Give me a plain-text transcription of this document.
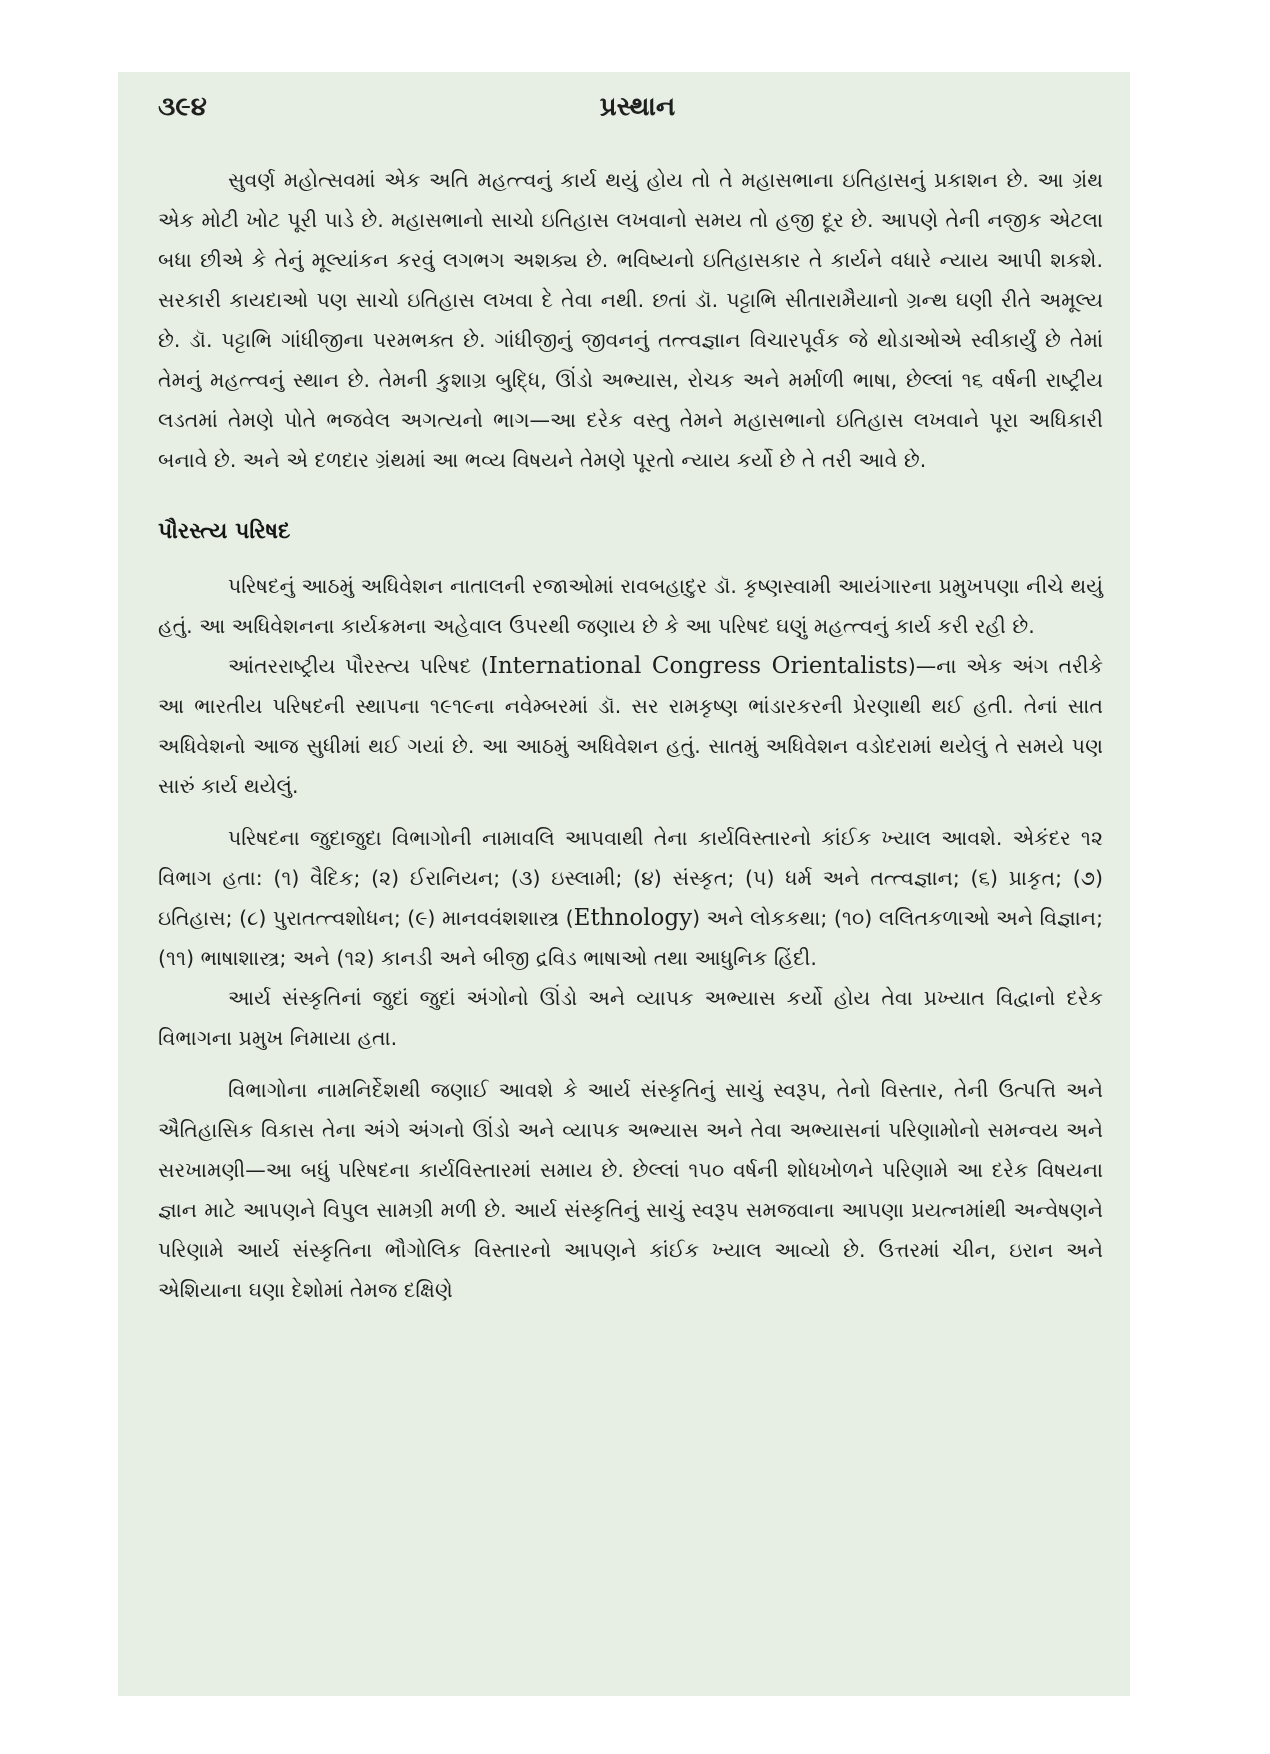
૩૯૪	પ્રસ્થાન

સુવર્ણ મહોત્સવમાં એક અતિ મહત્ત્વનું કાર્ય થયું હોય તો તે મહાસભાના ઇતિહાસનું પ્રકાશન છે. આ ગ્રંથ એક મોટી ખોટ પૂરી પાડે છે. મહાસભાનો સાચો ઇતિહાસ લખવાનો સમય તો હજી દૂર છે. આપણે તેની નજીક એટલા બધા છીએ કે તેનું મૂલ્યાંકન કરવું લગભગ અશક્ય છે. ભવિષ્યનો ઇતિહાસકાર તે કાર્યને વધારે ન્યાય આપી શકશે. સરકારી કાયદાઓ પણ સાચો ઇતિહાસ લખવા દે તેવા નથી. છતાં ડૉ. પટ્ટાભિ સીતારામૈયાનો ગ્રન્થ ઘણી રીતે અમૂલ્ય છે. ડૉ. પટ્ટાભિ ગાંધીજીના પરમભક્ત છે. ગાંધીજીનું જીવનનું તત્ત્વજ્ઞાન વિચારપૂર્વક જે થોડાઓએ સ્વીકાર્યું છે તેમાં તેમનું મહત્ત્વનું સ્થાન છે. તેમની કુશાગ્ર બુદ્ધિ, ઊંડો અભ્યાસ, રોચક અને મર્માળી ભાષા, છેલ્લાં ૧૬ વર્ષની રાષ્ટ્રીય લડતમાં તેમણે પોતે ભજવેલ અગત્યનો ભાગ—આ દરેક વસ્તુ તેમને મહાસભાનો ઇતિહાસ લખવાને પૂરા અધિકારી બનાવે છે. અને એ દળદાર ગ્રંથમાં આ ભવ્ય વિષયને તેમણે પૂરતો ન્યાય કર્યો છે તે તરી આવે છે.

પૌરસ્ત્ય પરિષદ

પરિષદનું આઠમું અધિવેશન નાતાલની રજાઓમાં રાવબહાદુર ડૉ. કૃષ્ણસ્વામી આયંગારના પ્રમુખપણા નીચે થયું હતું. આ અધિવેશનના કાર્યક્રમના અહેવાલ ઉપરથી જણાય છે કે આ પરિષદ ઘણું મહત્ત્વનું કાર્ય કરી રહી છે.

આંતરરાષ્ટ્રીય પૌરસ્ત્ય પરિષદ (International Congress Orientalists)—ના એક અંગ તરીકે આ ભારતીય પરિષદની સ્થાપના ૧૯૧૯ના નવેમ્બરમાં ડૉ. સર રામકૃષ્ણ ભાંડારકરની પ્રેરણાથી થઈ હતી. તેનાં સાત અધિવેશનો આજ સુધીમાં થઈ ગયાં છે. આ આઠમું અધિવેશન હતું. સાતમું અધિવેશન વડોદરામાં થયેલું તે સમયે પણ સારું કાર્ય થયેલું.

પરિષદના જુદાજુદા વિભાગોની નામાવલિ આપવાથી તેના કાર્યવિસ્તારનો કાંઈક ખ્યાલ આવશે. એકંદર ૧૨ વિભાગ હતા: (૧) વૈદિક; (૨) ઈરાનિયન; (૩) ઇસ્લામી; (૪) સંસ્કૃત; (૫) ધર્મ અને તત્ત્વજ્ઞાન; (૬) પ્રાકૃત; (૭) ઇતિહાસ; (૮) પુરાતત્ત્વશોધન; (૯) માનવવંશશાસ્ત્ર (Ethnology) અને લોકકથા; (૧૦) લલિતકળાઓ અને વિજ્ઞાન; (૧૧) ભાષાશાસ્ત્ર; અને (૧૨) કાનડી અને બીજી દ્રવિડ ભાષાઓ તથા આધુનિક હિંદી.

આર્ય સંસ્કૃતિનાં જુદાં જુદાં અંગોનો ઊંડો અને વ્યાપક અભ્યાસ કર્યો હોય તેવા પ્રખ્યાત વિદ્વાનો દરેક વિભાગના પ્રમુખ નિમાયા હતા.

વિભાગોના નામનિર્દેશથી જણાઈ આવશે કે આર્ય સંસ્કૃતિનું સાચું સ્વરૂપ, તેનો વિસ્તાર, તેની ઉત્પત્તિ અને ઐતિહાસિક વિકાસ તેના અંગે અંગનો ઊંડો અને વ્યાપક અભ્યાસ અને તેવા અભ્યાસનાં પરિણામોનો સમન્વય અને સરખામણી—આ બધું પરિષદના કાર્યવિસ્તારમાં સમાય છે. છેલ્લાં ૧૫૦ વર્ષની શોધખોળને પરિણામે આ દરેક વિષયના જ્ઞાન માટે આપણને વિપુલ સામગ્રી મળી છે. આર્ય સંસ્કૃતિનું સાચું સ્વરૂપ સમજવાના આપણા પ્રયત્નમાંથી અન્વેષણને પરિણામે આર્ય સંસ્કૃતિના ભૌગોલિક વિસ્તારનો આપણને કાંઈક ખ્યાલ આવ્યો છે. ઉત્તરમાં ચીન, ઇરાન અને એશિયાના ઘણા દેશોમાં તેમજ દક્ષિણે
